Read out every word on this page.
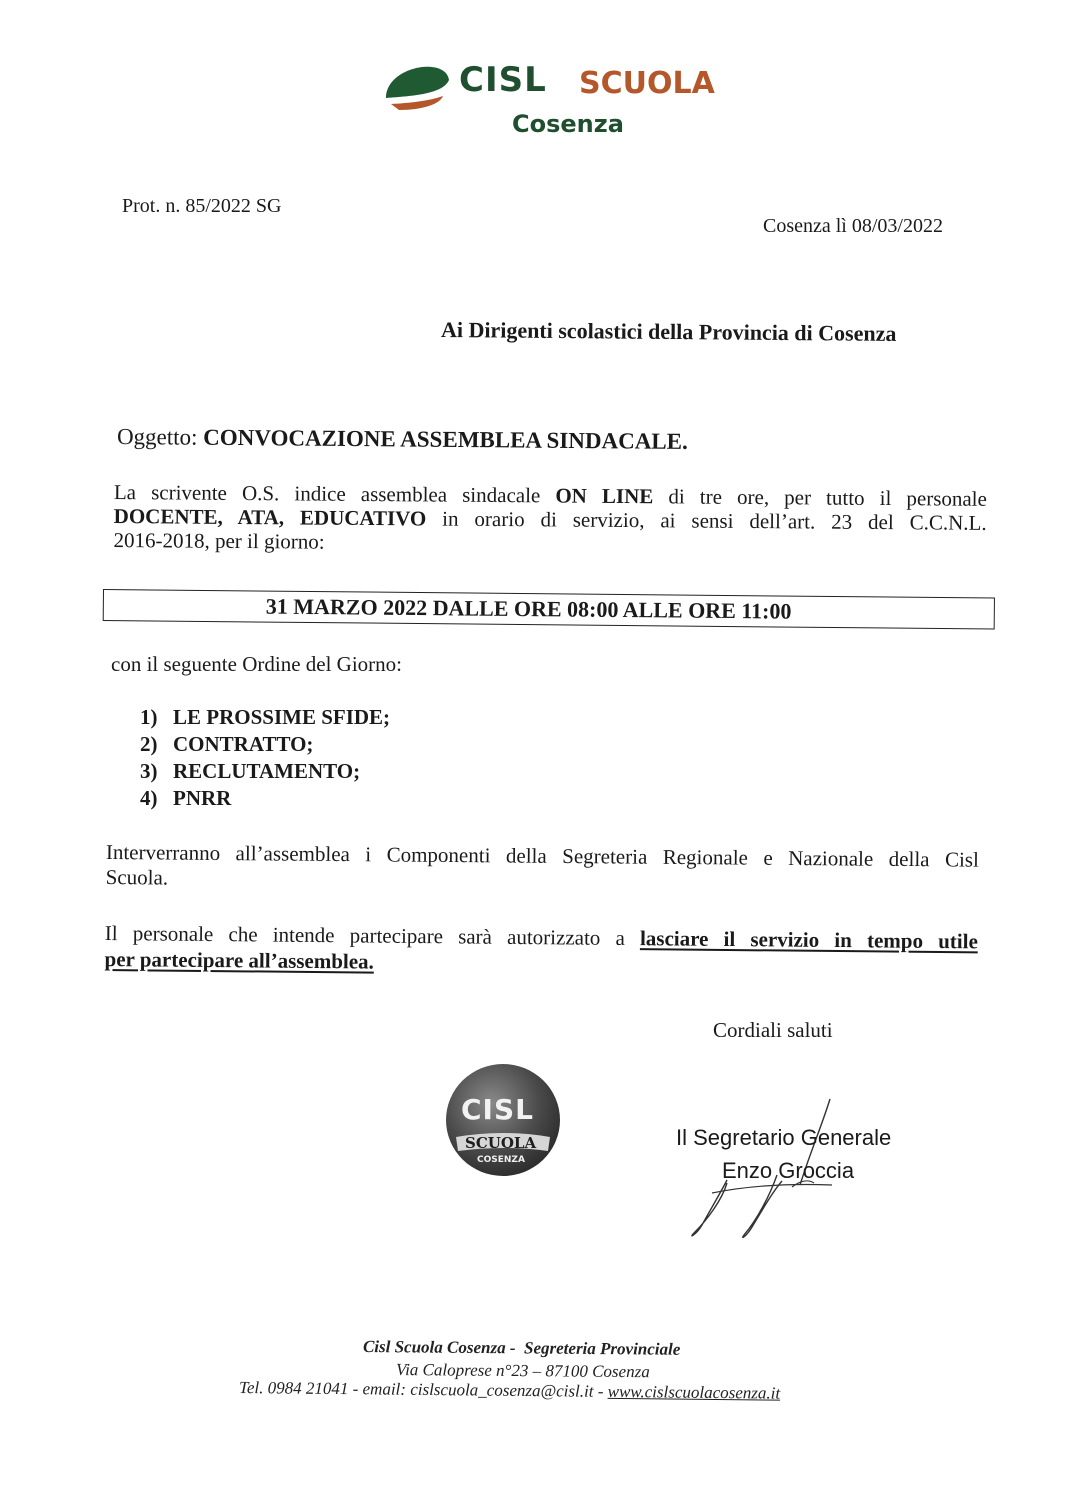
CISL SCUOLA
Cosenza
Prot. n. 85/2022 SG
Cosenza lì 08/03/2022
Ai Dirigenti scolastici della Provincia di Cosenza
Oggetto: CONVOCAZIONE ASSEMBLEA SINDACALE.
La scrivente O.S. indice assemblea sindacale ON LINE di tre ore, per tutto il personale
DOCENTE, ATA, EDUCATIVO in orario di servizio, ai sensi dell’art. 23 del C.C.N.L.
2016-2018, per il giorno:
31 MARZO 2022 DALLE ORE 08:00 ALLE ORE 11:00
con il seguente Ordine del Giorno:
1) LE PROSSIME SFIDE;
2) CONTRATTO;
3) RECLUTAMENTO;
4) PNRR
Interverranno all’assemblea i Componenti della Segreteria Regionale e Nazionale della Cisl
Scuola.
Il personale che intende partecipare sarà autorizzato a lasciare il servizio in tempo utile
per partecipare all’assemblea.
Cordiali saluti
CISL
SCUOLA
COSENZA
Il Segretario Generale
Enzo Groccia
Cisl Scuola Cosenza - Segreteria Provinciale
Via Caloprese n°23 – 87100 Cosenza
Tel. 0984 21041 - email: cislscuola_cosenza@cisl.it - www.cislscuolacosenza.it
